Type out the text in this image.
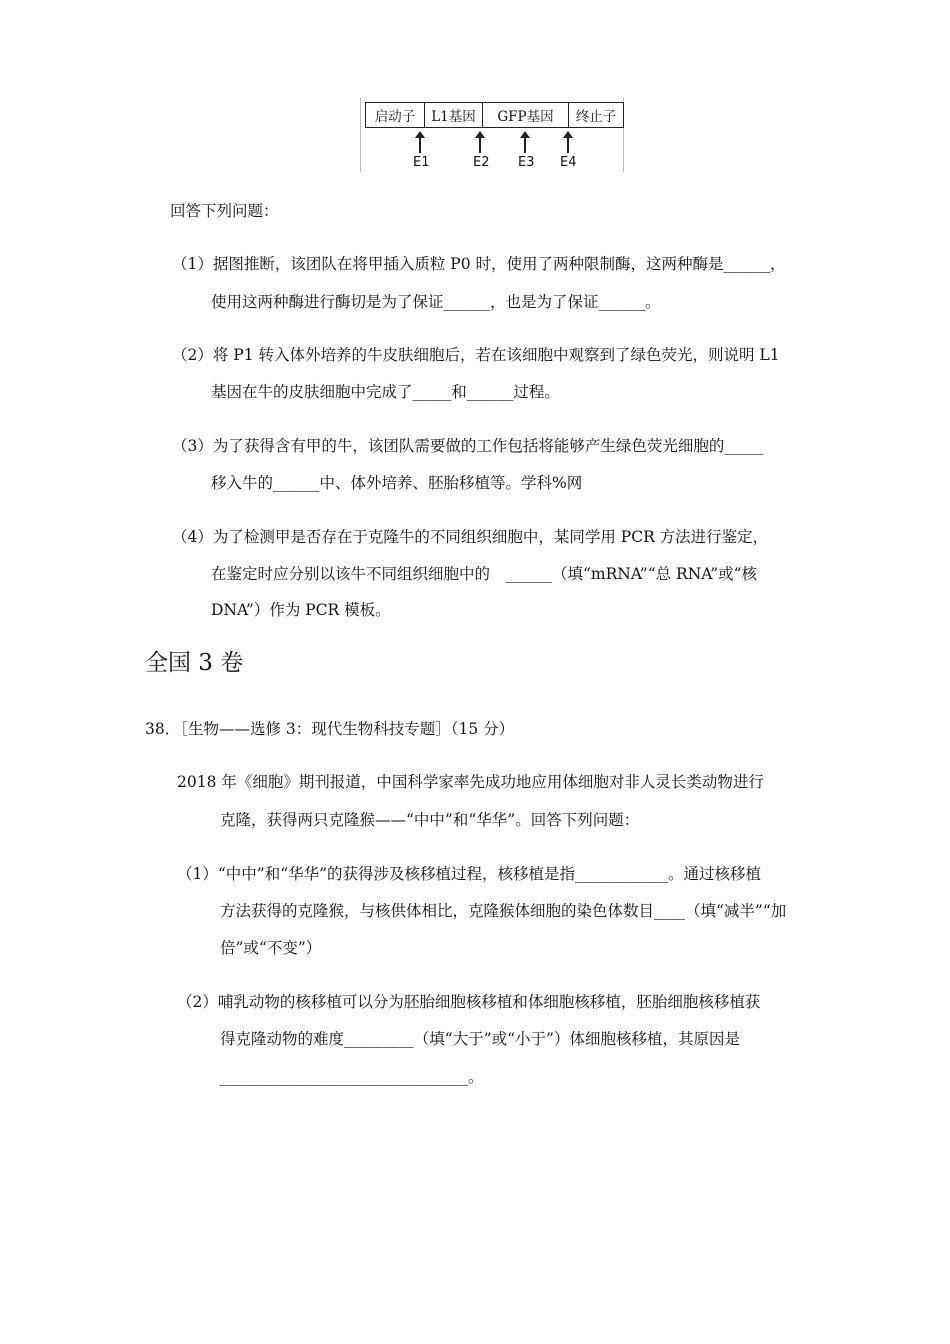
启动子	L1基因	GFP基因	终止子
E1	E2 E3 E4
回答下列问题：
（1）据图推断，该团队在将甲插入质粒 P0 时，使用了两种限制酶，这两种酶是______，
使用这两种酶进行酶切是为了保证______，也是为了保证______。
（2）将 P1 转入体外培养的牛皮肤细胞后，若在该细胞中观察到了绿色荧光，则说明 L1
基因在牛的皮肤细胞中完成了_____和______过程。
（3）为了获得含有甲的牛，该团队需要做的工作包括将能够产生绿色荧光细胞的_____
移入牛的______中、体外培养、胚胎移植等。学科%网
（4）为了检测甲是否存在于克隆牛的不同组织细胞中，某同学用 PCR 方法进行鉴定，
在鉴定时应分别以该牛不同组织细胞中的　______（填“mRNA”“总 RNA”或“核
DNA”）作为 PCR 模板。
全国 3 卷
38．［生物——选修 3：现代生物科技专题］（15 分）
2018 年《细胞》期刊报道，中国科学家率先成功地应用体细胞对非人灵长类动物进行
克隆，获得两只克隆猴——“中中”和“华华”。回答下列问题：
（1）“中中”和“华华”的获得涉及核移植过程，核移植是指____________。通过核移植
方法获得的克隆猴，与核供体相比，克隆猴体细胞的染色体数目____（填“减半”“加
倍”或“不变”）
（2）哺乳动物的核移植可以分为胚胎细胞核移植和体细胞核移植，胚胎细胞核移植获
得克隆动物的难度_________（填“大于”或“小于”）体细胞核移植，其原因是
________________________________。
